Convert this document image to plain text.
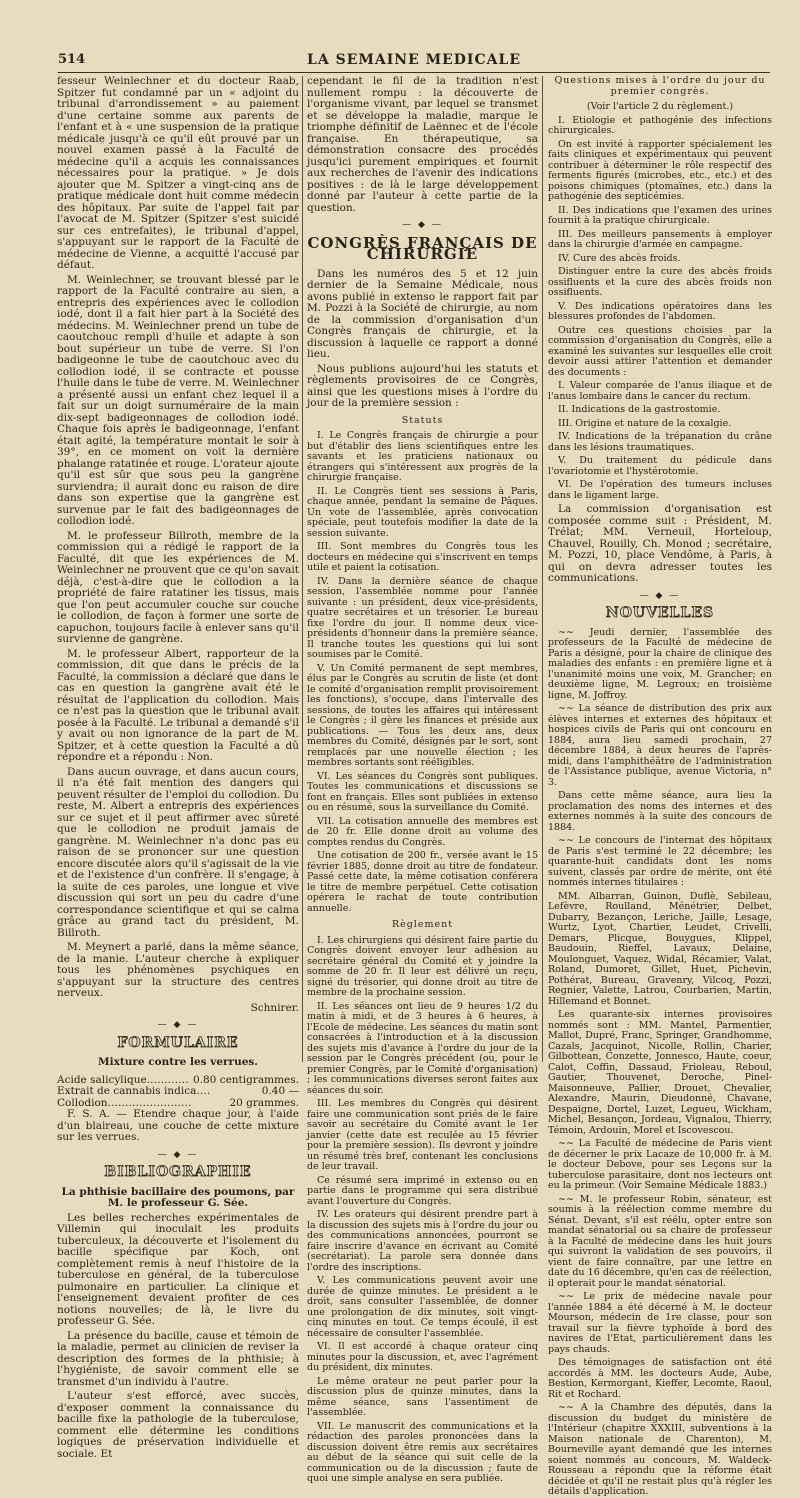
514	LA SEMAINE MEDICALE

fesseur Weinlechner et du docteur Raab, Spitzer fut condamné par un « adjoint du tribunal d'arrondissement » au paiement d'une certaine somme aux parents de l'enfant et à « une suspension de la pratique médicale jusqu'à ce qu'il eût prouvé par un nouvel examen passé à la Faculté de médecine qu'il a acquis les connaissances nécessaires pour la pratique. » Je dois ajouter que M. Spitzer a vingt-cinq ans de pratique médicale dont huit comme médecin des hôpitaux. Par suite de l'appel fait par l'avocat de M. Spitzer (Spitzer s'est suicidé sur ces entrefaites), le tribunal d'appel, s'appuyant sur le rapport de la Faculté de médecine de Vienne, a acquitté l'accusé par défaut.

M. Weinlechner, se trouvant blessé par le rapport de la Faculté contraire au sien, a entrepris des expériences avec le collodion iodé, dont il a fait hier part à la Société des médecins. M. Weinlechner prend un tube de caoutchouc rempli d'huile et adapte à son bout supérieur un tube de verre. Si l'on badigeonne le tube de caoutchouc avec du collodion iodé, il se contracte et pousse l'huile dans le tube de verre. M. Weinlechner a présenté aussi un enfant chez lequel il a fait sur un doigt surnuméraire de la main dix-sept badigeonnages de collodion iodé. Chaque fois après le badigeonnage, l'enfant était agité, la température montait le soir à 39°, en ce moment on voit la dernière phalange ratatinée et rouge. L'orateur ajoute qu'il est sûr que sous peu la gangrène surviendra; il aurait donc eu raison de dire dans son expertise que la gangrène est survenue par le fait des badigeonnages de collodion iodé.

M. le professeur Billroth, membre de la commission qui a rédigé le rapport de la Faculté, dit que les expériences de M. Weinlechner ne prouvent que ce qu'on savait déjà, c'est-à-dire que le collodion a la propriété de faire ratatiner les tissus, mais que l'on peut accumuler couche sur couche le collodion, de façon à former une sorte de capuchon, toujours facile à enlever sans qu'il survienne de gangrène.

M. le professeur Albert, rapporteur de la commission, dit que dans le précis de la Faculté, la commission a déclaré que dans le cas en question la gangrène avait été le résultat de l'application du collodion. Mais ce n'est pas la question que le tribunal avait posée à la Faculté. Le tribunal a demandé s'il y avait ou non ignorance de la part de M. Spitzer, et à cette question la Faculté a dû répondre et a répondu : Non.

Dans aucun ouvrage, et dans aucun cours, il n'a été fait mention des dangers qui peuvent résulter de l'emploi du collodion. Du reste, M. Albert a entrepris des expériences sur ce sujet et il peut affirmer avec sûreté que le collodion ne produit jamais de gangrène. M. Weinlechner n'a donc pas eu raison de se prononcer sur une question encore discutée alors qu'il s'agissait de la vie et de l'existence d'un confrère. Il s'engage, à la suite de ces paroles, une longue et vive discussion qui sort un peu du cadre d'une correspondance scientifique et qui se calma grâce au grand tact du président, M. Billroth.

M. Meynert a parlé, dans la même séance, de la manie. L'auteur cherche à expliquer tous les phénomènes psychiques en s'appuyant sur la structure des centres nerveux.

Schnirer.

— ◆ —
FORMULAIRE
Mixture contre les verrues.
Acide salicylique………… 0.80 centigrammes.
Extrait de cannabis indica….	0.40 —
Collodion……………………	20 grammes.

F. S. A. — Etendre chaque jour, à l'aide d'un blaireau, une couche de cette mixture sur les verrues.

— ◆ —
BIBLIOGRAPHIE

La phthisie bacillaire des poumons, par M. le professeur G. Sée.

Les belles recherches expérimentales de Villemin qui inoculait les produits tuberculeux, la découverte et l'isolement du bacille spécifique par Koch, ont complètement remis à neuf l'histoire de la tuberculose en général, de la tuberculose pulmonaire en particulier. La clinique et l'enseignement devaient profiter de ces notions nouvelles; de là, le livre du professeur G. Sée.

La présence du bacille, cause et témoin de la maladie, permet au clinicien de reviser la description des formes de la phthisie; à l'hygiéniste, de savoir comment elle se transmet d'un individu à l'autre.

L'auteur s'est efforcé, avec succès, d'exposer comment la connaissance du bacille fixe la pathologie de la tuberculose, comment elle détermine les conditions logiques de préservation individuelle et sociale. Et

cependant le fil de la tradition n'est nullement rompu : la découverte de l'organisme vivant, par lequel se transmet et se développe la maladie, marque le triomphe définitif de Laënnec et de l'école française. En thérapeutique, sa démonstration consacre des procédés jusqu'ici purement empiriques et fournit aux recherches de l'avenir des indications positives : de là le large développement donné par l'auteur à cette partie de la question.

— ◆ —
CONGRÈS FRANÇAIS DE CHIRURGIE

Dans les numéros des 5 et 12 juin dernier de la Semaine Médicale, nous avons publié in extenso le rapport fait par M. Pozzi à la Société de chirurgie, au nom de la commission d'organisation d'un Congrès français de chirurgie, et la discussion à laquelle ce rapport a donné lieu.

Nous publions aujourd'hui les statuts et règlements provisoires de ce Congrès, ainsi que les questions mises à l'ordre du jour de la première session :

Statuts

I. Le Congrès français de chirurgie a pour but d'établir des liens scientifiques entre les savants et les praticiens nationaux ou étrangers qui s'intéressent aux progrès de la chirurgie française.

II. Le Congrès tient ses sessions à Paris, chaque année, pendant la semaine de Pâques. Un vote de l'assemblée, après convocation spéciale, peut toutefois modifier la date de la session suivante.

III. Sont membres du Congrès tous les docteurs en médecine qui s'inscrivent en temps utile et paient la cotisation.

IV. Dans la dernière séance de chaque session, l'assemblée nomme pour l'année suivante : un président, deux vice-présidents, quatre secrétaires et un trésorier. Le bureau fixe l'ordre du jour. Il nomme deux vice-présidents d'honneur dans la première séance. Il tranche toutes les questions qui lui sont soumises par le Comité.

V. Un Comité permanent de sept membres, élus par le Congrès au scrutin de liste (et dont le comité d'organisation remplit provisoirement les fonctions), s'occupe, dans l'intervalle des sessions, de toutes les affaires qui intéressent le Congrès ; il gère les finances et préside aux publications. — Tous les deux ans, deux membres du Comité, désignés par le sort, sont remplacés par une nouvelle élection ; les membres sortants sont rééligibles.

VI. Les séances du Congrès sont publiques. Toutes les communications et discussions se font en français. Elles sont publiées in extenso ou en résumé, sous la surveillance du Comité.

VII. La cotisation annuelle des membres est de 20 fr. Elle donne droit au volume des comptes rendus du Congrès.

Une cotisation de 200 fr., versée avant le 15 février 1885, donne droit au titre de fondateur. Passé cette date, la même cotisation conférera le titre de membre perpétuel. Cette cotisation opérera le rachat de toute contribution annuelle.

Règlement

I. Les chirurgiens qui désirent faire partie du Congrès doivent envoyer leur adhésion au secrétaire général du Comité et y joindre la somme de 20 fr. Il leur est délivré un reçu, signé du trésorier, qui donne droit au titre de membre de la prochaine session.

II. Les séances ont lieu de 9 heures 1/2 du matin à midi, et de 3 heures à 6 heures, à l'Ecole de médecine. Les séances du matin sont consacrées à l'introduction et à la discussion des sujets mis d'avance à l'ordre du jour de la session par le Congrès précédent (ou, pour le premier Congrès, par le Comité d'organisation) ; les communications diverses seront faites aux séances du soir.

III. Les membres du Congrès qui désirent faire une communication sont priés de le faire savoir au secrétaire du Comité avant le 1er janvier (cette date est reculée au 15 février pour la première session). Ils devront y joindre un résumé très bref, contenant les conclusions de leur travail.

Ce résumé sera imprimé in extenso ou en partie dans le programme qui sera distribué avant l'ouverture du Congrès.

IV. Les orateurs qui désirent prendre part à la discussion des sujets mis à l'ordre du jour ou des communications annoncées, pourront se faire inscrire d'avance en écrivant au Comité (secrétariat). La parole sera donnée dans l'ordre des inscriptions.

V. Les communications peuvent avoir une durée de quinze minutes. Le président a le droit, sans consulter l'assemblée, de donner une prolongation de dix minutes, soit vingt-cinq minutes en tout. Ce temps écoulé, il est nécessaire de consulter l'assemblée.

VI. Il est accordé à chaque orateur cinq minutes pour la discussion, et, avec l'agrément du président, dix minutes.

Le même orateur ne peut parler pour la discussion plus de quinze minutes, dans la même séance, sans l'assentiment de l'assemblée.

VII. Le manuscrit des communications et la rédaction des paroles prononcées dans la discussion doivent être remis aux secrétaires au début de la séance qui suit celle de la communication ou de la discussion ; faute de quoi une simple analyse en sera publiée.

Questions mises à l'ordre du jour du premier congrès.

(Voir l'article 2 du règlement.)

I. Etiologie et pathogénie des infections chirurgicales.

On est invité à rapporter spécialement les faits cliniques et expérimentaux qui peuvent contribuer à déterminer le rôle respectif des ferments figurés (microbes, etc., etc.) et des poisons chimiques (ptomaïnes, etc.) dans la pathogénie des septicémies.

II. Des indications que l'examen des urines fournit à la pratique chirurgicale.

III. Des meilleurs pansements à employer dans la chirurgie d'armée en campagne.

IV. Cure des abcès froids.

Distinguer entre la cure des abcès froids ossifluents et la cure des abcès froids non ossifluents.

V. Des indications opératoires dans les blessures profondes de l'abdomen.

Outre ces questions choisies par la commission d'organisation du Congrès, elle a examiné les suivantes sur lesquelles elle croit devoir aussi attirer l'attention et demander des documents :

I. Valeur comparée de l'anus iliaque et de l'anus lombaire dans le cancer du rectum.

II. Indications de la gastrostomie.

III. Origine et nature de la coxalgie.

IV. Indications de la trépanation du crâne dans les lésions traumatiques.

V. Du traitement du pédicule dans l'ovariotomie et l'hystérotomie.

VI. De l'opération des tumeurs incluses dans le ligament large.

La commission d'organisation est composée comme suit : Président, M. Trélat; MM. Verneuil, Horteloup, Chauvel, Rouilly, Ch. Monod ; secrétaire, M. Pozzi, 10, place Vendôme, à Paris, à qui on devra adresser toutes les communications.

— ◆ —
NOUVELLES

∼∼ Jeudi dernier, l'assemblée des professeurs de la Faculté de médecine de Paris a désigné, pour la chaire de clinique des maladies des enfants : en première ligne et à l'unanimité moins une voix, M. Grancher; en deuxième ligne, M. Legroux; en troisième ligne, M. Joffroy.

∼∼ La séance de distribution des prix aux élèves internes et externes des hôpitaux et hospices civils de Paris qui ont concouru en 1884, aura lieu samedi prochain, 27 décembre 1884, à deux heures de l'après-midi, dans l'amphithéâtre de l'administration de l'Assistance publique, avenue Victoria, n° 3.

Dans cette même séance, aura lieu la proclamation des noms des internes et des externes nommés à la suite des concours de 1884.

∼∼ Le concours de l'internat des hôpitaux de Paris s'est terminé le 22 décembre; les quarante-huit candidats dont les noms suivent, classés par ordre de mérite, ont été nommés internes titulaires :

MM. Albarran, Guinon, Duflè, Sebileau, Lefèvre, Roulland, Ménétrier, Delbet, Dubarry, Bezançon, Leriche, Jaille, Lesage, Wurtz, Lyot, Chartier, Leudet, Crivelli, Demars, Plicque, Bouygues, Klippel, Baudouin, Rieffel, Lavaux, Delaine, Moulonguet, Vaquez, Widal, Récamier, Valat, Roland, Dumoret, Gillet, Huet, Pichevin, Pothérat, Bureau, Gravenry, Vilcoq, Pozzi, Regnier, Valette, Latrou, Courbarien, Martin, Hillemand et Bonnet.

Les quarante-six internes provisoires nommés sont : MM. Mantel, Parmentier, Mallot, Dupré, Franc, Springer, Grandhomme, Cazals, Jacquinot, Nicolle, Rollin, Charier, Gilbottean, Conzette, Jonnesco, Haute, coeur, Calot, Coffin, Dassaud, Frioleau, Reboul, Gautier, Thouvenet, Deroche, Pinel-Maisonneuve, Pallier, Drouet, Chevalier, Alexandre, Maurin, Dieudonné, Chavane, Despaigne, Dortel, Luzet, Legueu, Wickham, Michel, Besançon, Jordeau, Vignalou, Thierry, Témoin, Ardouin, Morel et Iscovescou.

∼∼ La Faculté de médecine de Paris vient de décerner le prix Lacaze de 10,000 fr. à M. le docteur Debove, pour ses Leçons sur la tuberculose parasitaire, dont nos lecteurs ont eu la primeur. (Voir Semaine Médicale 1883.)

∼∼ M. le professeur Robin, sénateur, est soumis à la réélection comme membre du Sénat. Devant, s'il est réélu, opter entre son mandat sénatorial ou sa chaire de professeur à la Faculté de médecine dans les huit jours qui suivront la validation de ses pouvoirs, il vient de faire connaître, par une lettre en date du 16 décembre, qu'en cas de réélection, il opterait pour le mandat sénatorial.

∼∼ Le prix de médecine navale pour l'année 1884 a été décerné à M. le docteur Mourson, médecin de 1re classe, pour son travail sur la fièvre typhoïde à bord des navires de l'Etat, particulièrement dans les pays chauds.

Des témoignages de satisfaction ont été accordés à MM. les docteurs Aude, Aube, Bestion, Kermorgant, Kieffer, Lecomte, Raoul, Rit et Rochard.

∼∼ A la Chambre des députés, dans la discussion du budget du ministère de l'Intérieur (chapitre XXXIII, subventions à la Maison nationale de Charenton), M. Bourneville ayant demandé que les internes soient nommés au concours, M. Waldeck-Rousseau a répondu que la réforme était décidée et qu'il ne restait plus qu'à régler les détails d'application.
